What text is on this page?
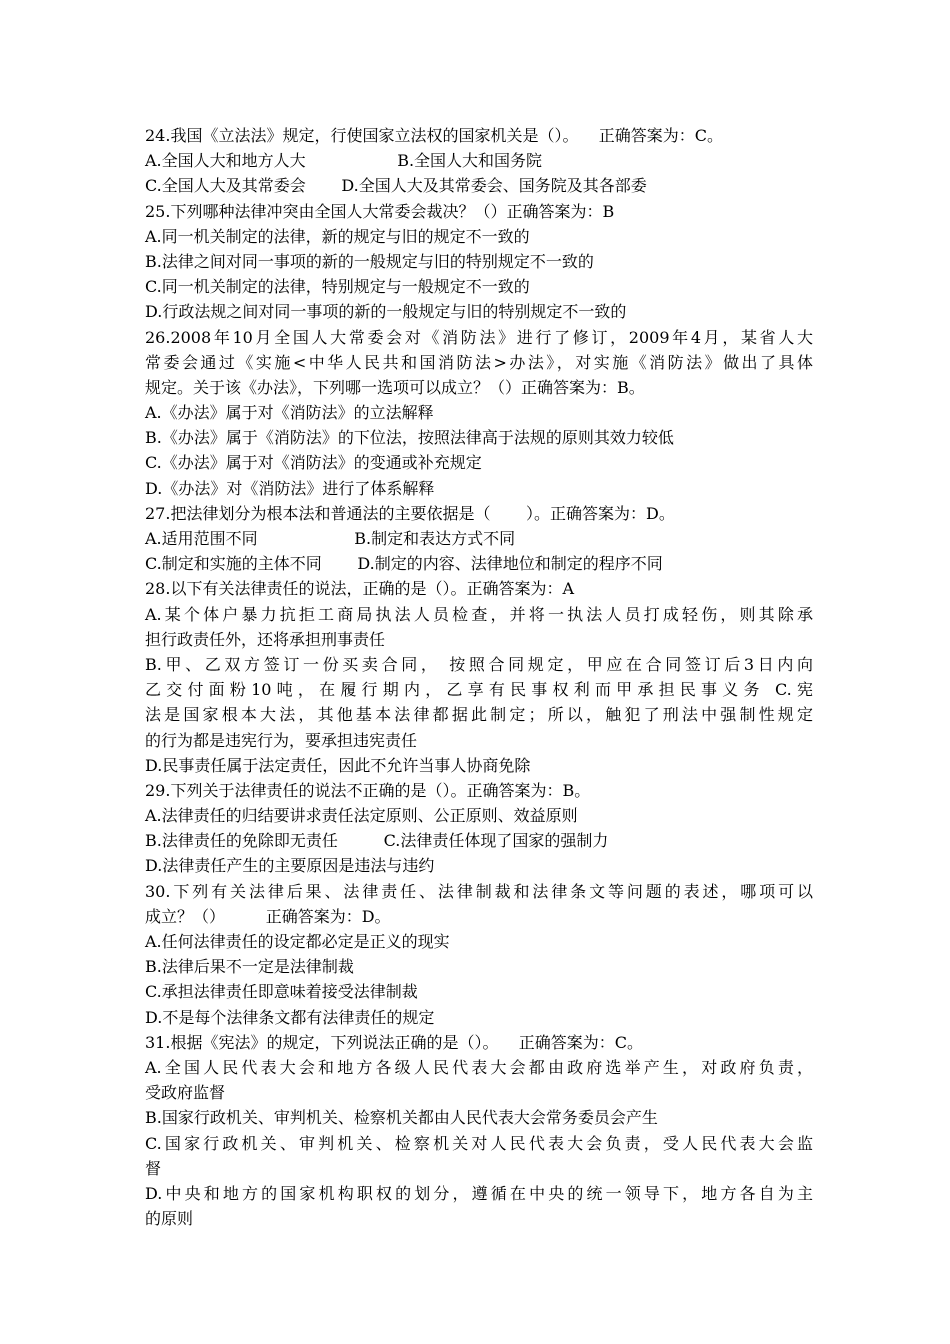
24.我国《立法法》规定，行使国家立法权的国家机关是（）。    正确答案为：C。
A.全国人大和地方人大                  B.全国人大和国务院
C.全国人大及其常委会       D.全国人大及其常委会、国务院及其各部委
25.下列哪种法律冲突由全国人大常委会裁决？（）正确答案为：B
A.同一机关制定的法律，新的规定与旧的规定不一致的
B.法律之间对同一事项的新的一般规定与旧的特别规定不一致的
C.同一机关制定的法律，特别规定与一般规定不一致的
D.行政法规之间对同一事项的新的一般规定与旧的特别规定不一致的
26.2008年10月全国人大常委会对《消防法》进行了修订，2009年4月，某省人大
常委会通过《实施<中华人民共和国消防法>办法》，对实施《消防法》做出了具体
规定。关于该《办法》，下列哪一选项可以成立？（）正确答案为：B。
A.《办法》属于对《消防法》的立法解释
B.《办法》属于《消防法》的下位法，按照法律高于法规的原则其效力较低
C.《办法》属于对《消防法》的变通或补充规定
D.《办法》对《消防法》进行了体系解释
27.把法律划分为根本法和普通法的主要依据是（       ）。正确答案为：D。
A.适用范围不同                   B.制定和表达方式不同
C.制定和实施的主体不同       D.制定的内容、法律地位和制定的程序不同
28.以下有关法律责任的说法，正确的是（）。正确答案为：A
A.某个体户暴力抗拒工商局执法人员检查，并将一执法人员打成轻伤，则其除承
担行政责任外，还将承担刑事责任
B.甲、乙双方签订一份买卖合同， 按照合同规定，甲应在合同签订后3日内向
乙交付面粉10吨，在履行期内，乙享有民事权利而甲承担民事义务 C.宪
法是国家根本大法，其他基本法律都据此制定；所以，触犯了刑法中强制性规定
的行为都是违宪行为，要承担违宪责任
D.民事责任属于法定责任，因此不允许当事人协商免除
29.下列关于法律责任的说法不正确的是（）。正确答案为：B。
A.法律责任的归结要讲求责任法定原则、公正原则、效益原则
B.法律责任的免除即无责任         C.法律责任体现了国家的强制力
D.法律责任产生的主要原因是违法与违约
30.下列有关法律后果、法律责任、法律制裁和法律条文等问题的表述，哪项可以
成立？（）        正确答案为：D。
A.任何法律责任的设定都必定是正义的现实
B.法律后果不一定是法律制裁
C.承担法律责任即意味着接受法律制裁
D.不是每个法律条文都有法律责任的规定
31.根据《宪法》的规定，下列说法正确的是（）。    正确答案为：C。
A.全国人民代表大会和地方各级人民代表大会都由政府选举产生，对政府负责，
受政府监督
B.国家行政机关、审判机关、检察机关都由人民代表大会常务委员会产生
C.国家行政机关、审判机关、检察机关对人民代表大会负责，受人民代表大会监
督
D.中央和地方的国家机构职权的划分，遵循在中央的统一领导下，地方各自为主
的原则
